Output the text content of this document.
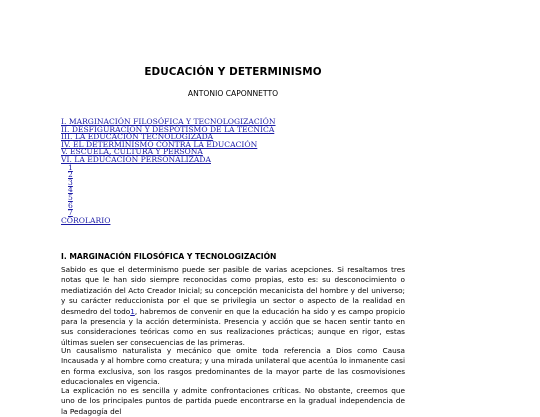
EDUCACIÓN Y DETERMINISMO
ANTONIO CAPONNETTO
I. MARGINACIÓN FILOSÓFICA Y TECNOLOGIZACIÓN
II. DESFIGURACIÓN Y DESPOTISMO DE LA TÉCNICA
III. LA EDUCACIÓN TECNOLOGIZADA
IV. EL DETERMINISMO CONTRA LA EDUCACIÓN
V. ESCUELA, CULTURA Y PERSONA
VI. LA EDUCACIÓN PERSONALIZADA
1
2
3
4
5
6
7
COROLARIO
I. MARGINACIÓN FILOSÓFICA Y TECNOLOGIZACIÓN

Sabido es que el determinismo puede ser pasible de varias acepciones. Si resaltamos tres notas que le han sido siempre reconocidas como propias, esto es: su desconocimiento o mediatización del Acto Creador Inicial; su concepción mecanicista del hombre y del universo; y su carácter reduccionista por el que se privilegia un sector o aspecto de la realidad en desmedro del todo1, habremos de convenir en que la educación ha sido y es campo propicio para la presencia y la acción determinista. Presencia y acción que se hacen sentir tanto en sus consideraciones teóricas como en sus realizaciones prácticas; aunque en rigor, estas últimas suelen ser consecuencias de las primeras.

Un causalismo naturalista y mecánico que omite toda referencia a Dios como Causa Incausada y al hombre como creatura; y una mirada unilateral que acentúa lo inmanente casi en forma exclusiva, son los rasgos predominantes de la mayor parte de las cosmovisiones educacionales en vigencia.

La explicación no es sencilla y admite confrontaciones críticas. No obstante, creemos que uno de los principales puntos de partida puede encontrarse en la gradual independencia de la Pedagogía del
